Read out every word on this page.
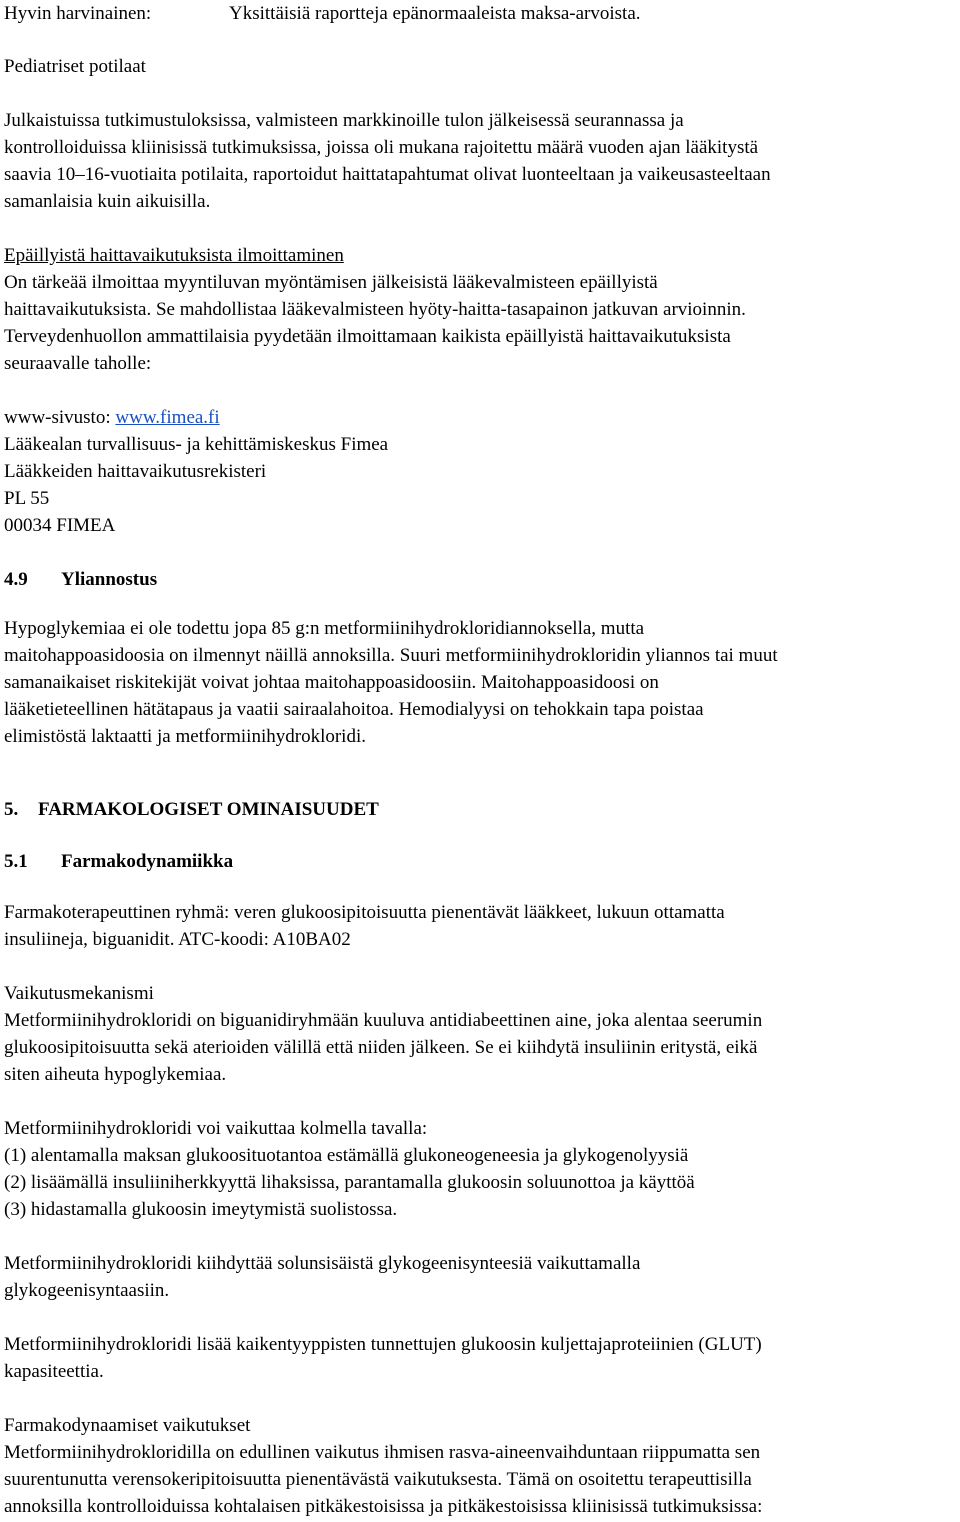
Hyvin harvinainen:	Yksittäisiä raportteja epänormaaleista maksa-arvoista.
Pediatriset potilaat
Julkaistuissa tutkimustuloksissa, valmisteen markkinoille tulon jälkeisessä seurannassa ja
kontrolloiduissa kliinisissä tutkimuksissa, joissa oli mukana rajoitettu määrä vuoden ajan lääkitystä
saavia 10–16-vuotiaita potilaita, raportoidut haittatapahtumat olivat luonteeltaan ja vaikeusasteeltaan
samanlaisia kuin aikuisilla.
Epäillyistä haittavaikutuksista ilmoittaminen
On tärkeää ilmoittaa myyntiluvan myöntämisen jälkeisistä lääkevalmisteen epäillyistä
haittavaikutuksista. Se mahdollistaa lääkevalmisteen hyöty-haitta-tasapainon jatkuvan arvioinnin.
Terveydenhuollon ammattilaisia pyydetään ilmoittamaan kaikista epäillyistä haittavaikutuksista
seuraavalle taholle:
www-sivusto: www.fimea.fi
Lääkealan turvallisuus- ja kehittämiskeskus Fimea
Lääkkeiden haittavaikutusrekisteri
PL 55
00034 FIMEA
4.9 Yliannostus
Hypoglykemiaa ei ole todettu jopa 85 g:n metformiinihydrokloridiannoksella, mutta
maitohappoasidoosia on ilmennyt näillä annoksilla. Suuri metformiinihydrokloridin yliannos tai muut
samanaikaiset riskitekijät voivat johtaa maitohappoasidoosiin. Maitohappoasidoosi on
lääketieteellinen hätätapaus ja vaatii sairaalahoitoa. Hemodialyysi on tehokkain tapa poistaa
elimistöstä laktaatti ja metformiinihydrokloridi.
5. FARMAKOLOGISET OMINAISUUDET
5.1 Farmakodynamiikka
Farmakoterapeuttinen ryhmä: veren glukoosipitoisuutta pienentävät lääkkeet, lukuun ottamatta
insuliineja, biguanidit. ATC-koodi: A10BA02
Vaikutusmekanismi
Metformiinihydrokloridi on biguanidiryhmään kuuluva antidiabeettinen aine, joka alentaa seerumin
glukoosipitoisuutta sekä aterioiden välillä että niiden jälkeen. Se ei kiihdytä insuliinin eritystä, eikä
siten aiheuta hypoglykemiaa.
Metformiinihydrokloridi voi vaikuttaa kolmella tavalla:
(1) alentamalla maksan glukoosituotantoa estämällä glukoneogeneesia ja glykogenolyysiä
(2) lisäämällä insuliiniherkkyyttä lihaksissa, parantamalla glukoosin soluunottoa ja käyttöä
(3) hidastamalla glukoosin imeytymistä suolistossa.
Metformiinihydrokloridi kiihdyttää solunsisäistä glykogeenisynteesiä vaikuttamalla
glykogeenisyntaasiin.
Metformiinihydrokloridi lisää kaikentyyppisten tunnettujen glukoosin kuljettajaproteiinien (GLUT)
kapasiteettia.
Farmakodynaamiset vaikutukset
Metformiinihydrokloridilla on edullinen vaikutus ihmisen rasva-aineenvaihduntaan riippumatta sen
suurentunutta verensokeripitoisuutta pienentävästä vaikutuksesta. Tämä on osoitettu terapeuttisilla
annoksilla kontrolloiduissa kohtalaisen pitkäkestoisissa ja pitkäkestoisissa kliinisissä tutkimuksissa:
